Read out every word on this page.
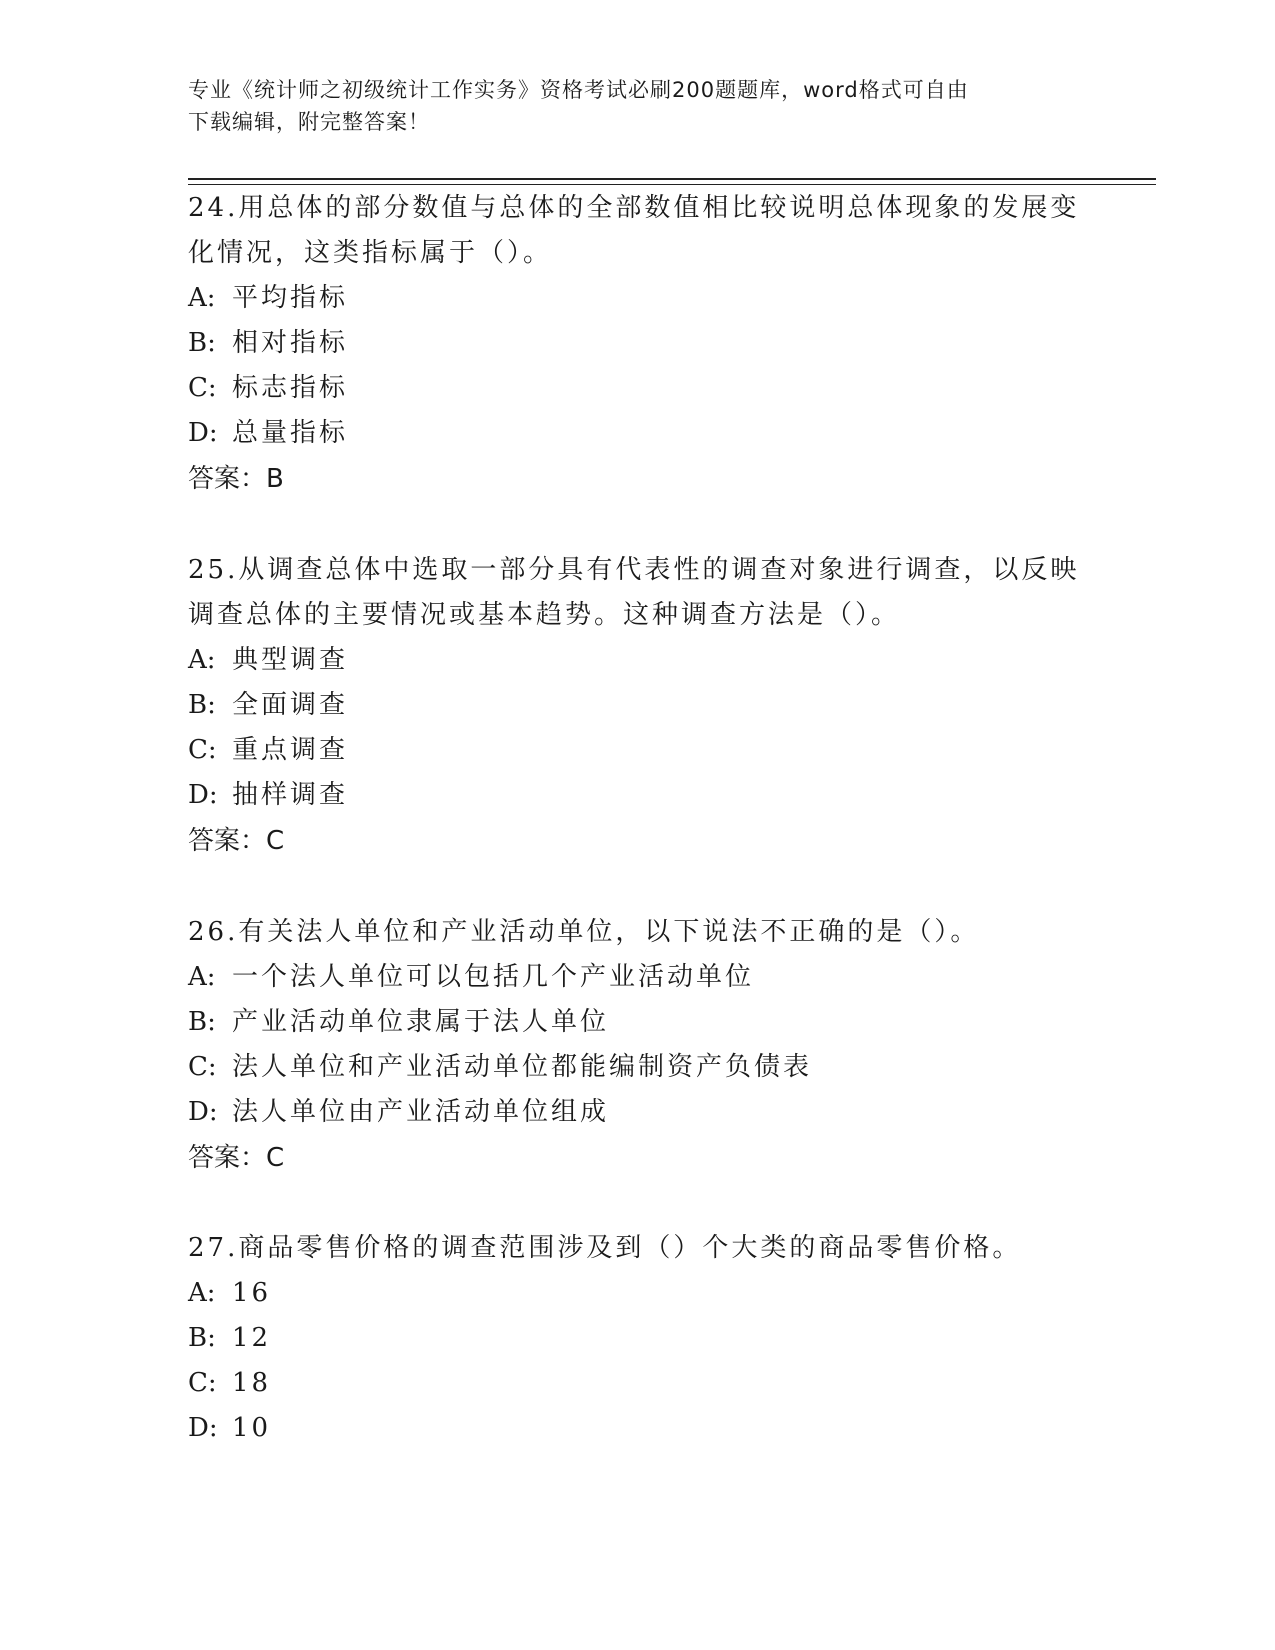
专业《统计师之初级统计工作实务》资格考试必刷200题题库，word格式可自由
下载编辑，附完整答案！

24.用总体的部分数值与总体的全部数值相比较说明总体现象的发展变

化情况，这类指标属于（）。

A: 平均指标

B: 相对指标

C: 标志指标

D: 总量指标

答案：B

25.从调查总体中选取一部分具有代表性的调查对象进行调查，以反映

调查总体的主要情况或基本趋势。这种调查方法是（）。

A: 典型调查

B: 全面调查

C: 重点调查

D: 抽样调查

答案：C

26.有关法人单位和产业活动单位，以下说法不正确的是（）。

A: 一个法人单位可以包括几个产业活动单位

B: 产业活动单位隶属于法人单位

C: 法人单位和产业活动单位都能编制资产负债表

D: 法人单位由产业活动单位组成

答案：C

27.商品零售价格的调查范围涉及到（）个大类的商品零售价格。

A: 16

B: 12

C: 18

D: 10
